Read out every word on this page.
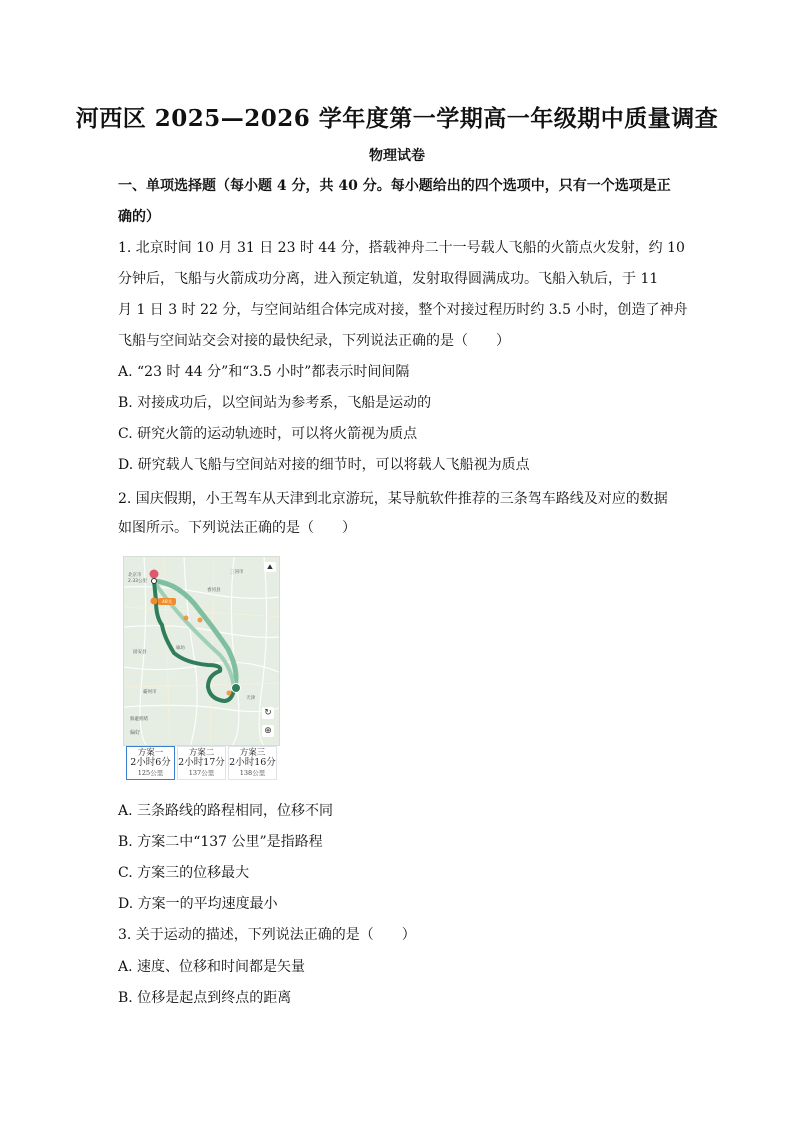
河西区 2025—2026 学年度第一学期高一年级期中质量调查
物理试卷
一、单项选择题（每小题 4 分，共 40 分。每小题给出的四个选项中，只有一个选项是正
确的）
1. 北京时间 10 月 31 日 23 时 44 分，搭载神舟二十一号载人飞船的火箭点火发射，约 10
分钟后，飞船与火箭成功分离，进入预定轨道，发射取得圆满成功。飞船入轨后，于 11
月 1 日 3 时 22 分，与空间站组合体完成对接，整个对接过程历时约 3.5 小时，创造了神舟
飞船与空间站交会对接的最快纪录，下列说法正确的是（　　）
A. “23 时 44 分”和“3.5 小时”都表示时间间隔
B. 对接成功后，以空间站为参考系，飞船是运动的
C. 研究火箭的运动轨迹时，可以将火箭视为质点
D. 研究载人飞船与空间站对接的细节时，可以将载人飞船视为质点
2. 国庆假期，小王驾车从天津到北京游玩，某导航软件推荐的三条驾车路线及对应的数据
如图所示。下列说法正确的是（　　）
北京市
2.33公里
48元
廊坊
香河县
固安县
霸州市
三河市
天津
躲避拥堵
偏好
⛰
↻
⊕
方案一
2小时6分
125公里
方案二
2小时17分
137公里
方案三
2小时16分
138公里
A. 三条路线的路程相同，位移不同
B. 方案二中“137 公里”是指路程
C. 方案三的位移最大
D. 方案一的平均速度最小
3. 关于运动的描述，下列说法正确的是（　　）
A. 速度、位移和时间都是矢量
B. 位移是起点到终点的距离
